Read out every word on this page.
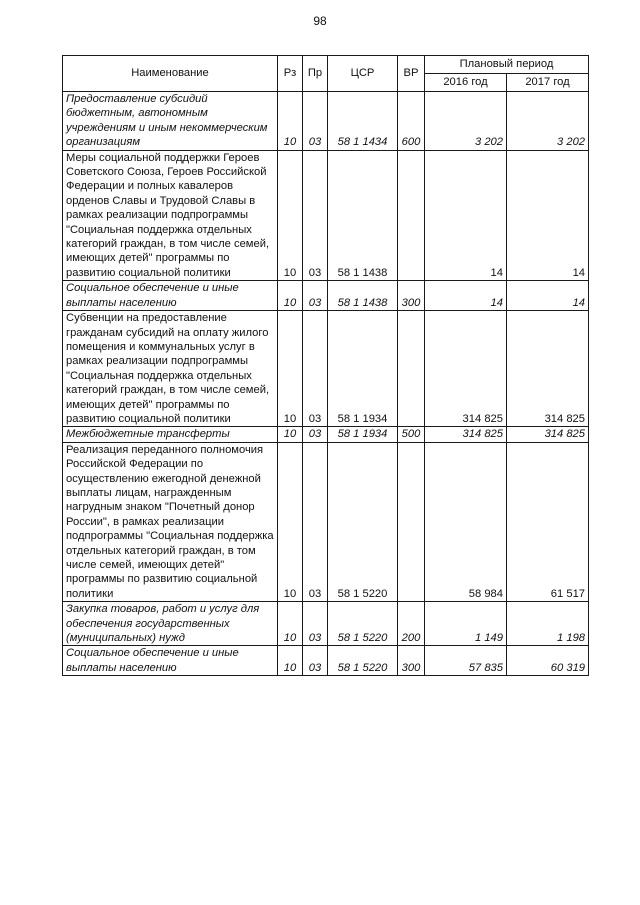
98
Наименование	Рз	Пр	ЦСР	ВР	Плановый период	
					2016 год	2017 год
Предоставление субсидий бюджетным, автономным учреждениям и иным некоммерческим организациям	10	03	58 1 1434	600	3 202	3 202
Меры социальной поддержки Героев Советского Союза, Героев Российской Федерации и полных кавалеров орденов Славы и Трудовой Славы в рамках реализации подпрограммы "Социальная поддержка отдельных категорий граждан, в том числе семей, имеющих детей" программы по развитию социальной политики	10	03	58 1 1438		14	14
Социальное обеспечение и иные выплаты населению	10	03	58 1 1438	300	14	14
Субвенции на предоставление гражданам субсидий на оплату жилого помещения и коммунальных услуг в рамках реализации подпрограммы "Социальная поддержка отдельных категорий граждан, в том числе семей, имеющих детей" программы по развитию социальной политики	10	03	58 1 1934		314 825	314 825
Межбюджетные трансферты	10	03	58 1 1934	500	314 825	314 825
Реализация переданного полномочия Российской Федерации по осуществлению ежегодной денежной выплаты лицам, награжденным нагрудным знаком "Почетный донор России", в рамках реализации подпрограммы "Социальная поддержка отдельных категорий граждан, в том числе семей, имеющих детей" программы по развитию социальной политики	10	03	58 1 5220		58 984	61 517
Закупка товаров, работ и услуг для обеспечения государственных (муниципальных) нужд	10	03	58 1 5220	200	1 149	1 198
Социальное обеспечение и иные выплаты населению	10	03	58 1 5220	300	57 835	60 319
